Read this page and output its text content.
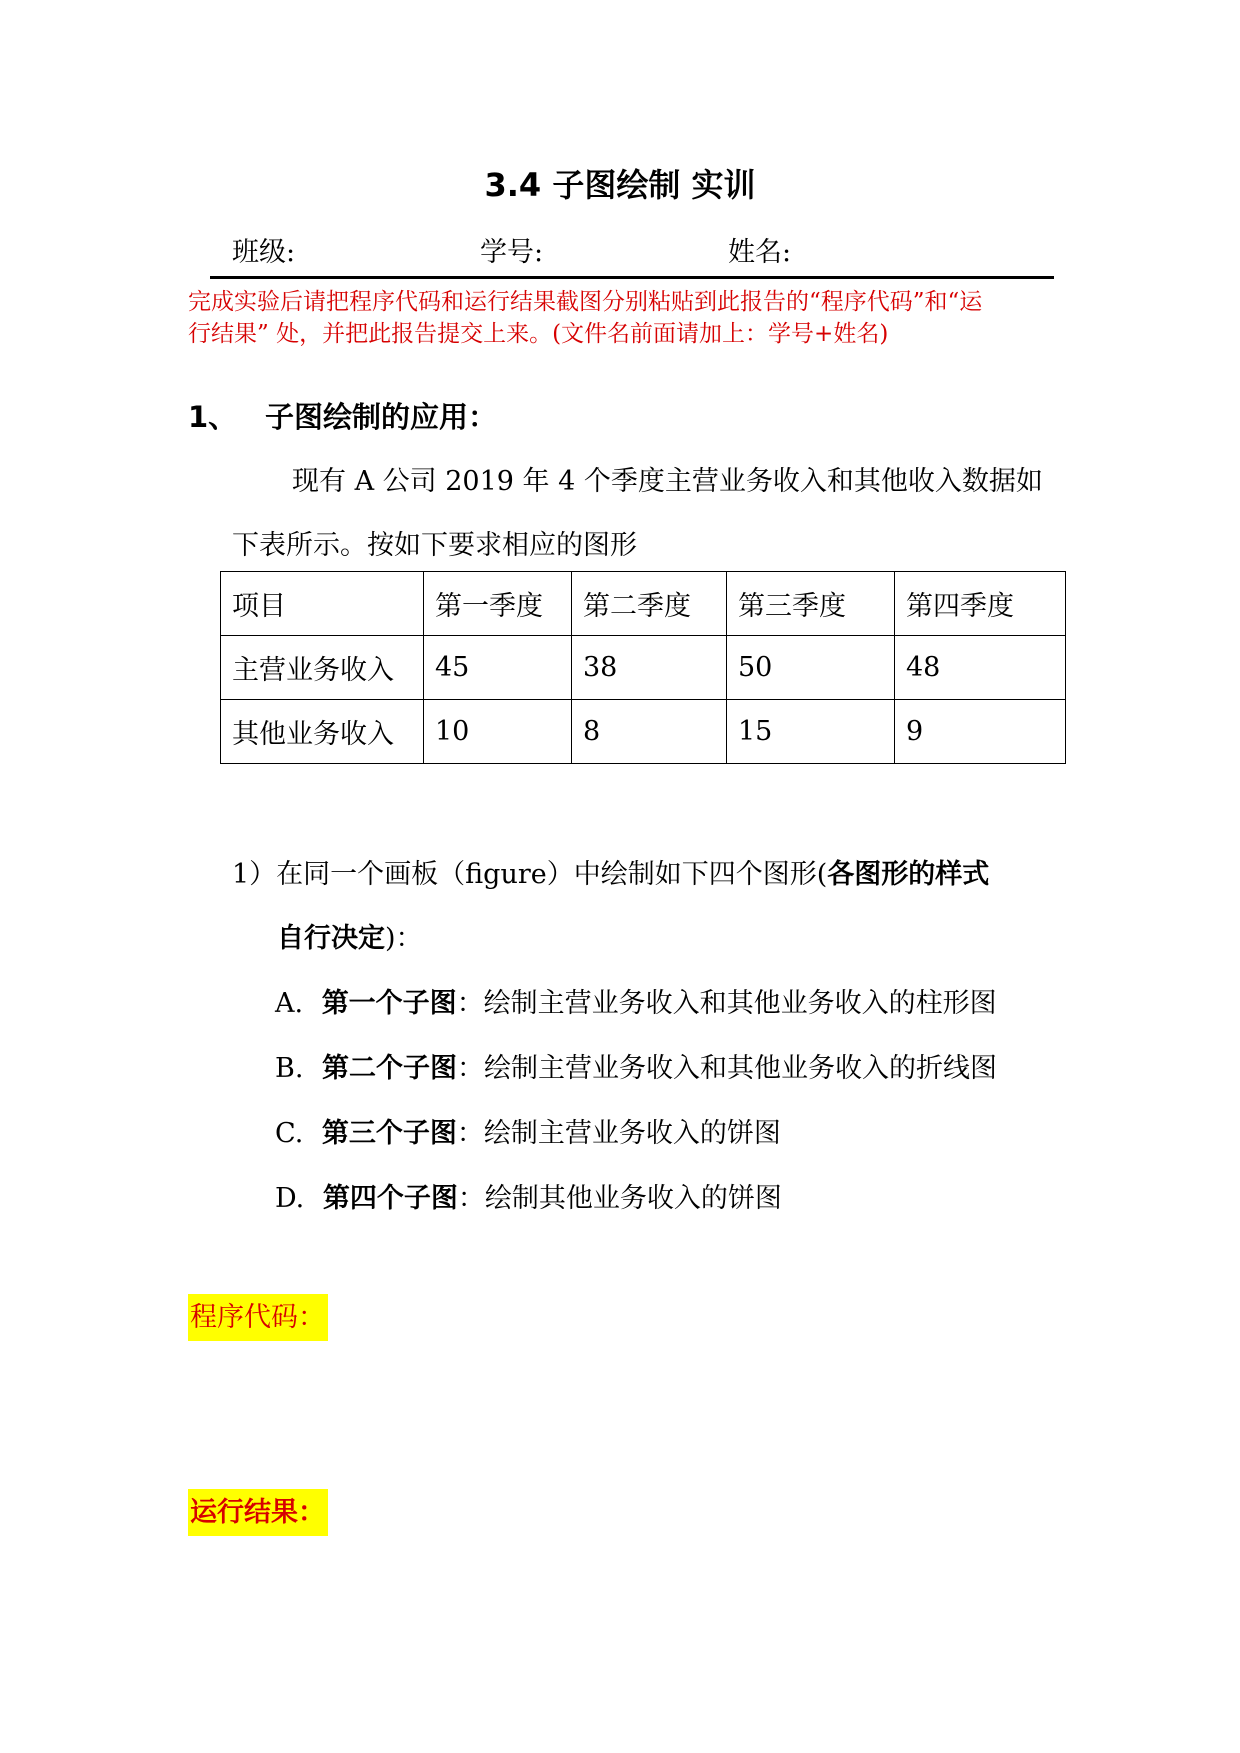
3.4 子图绘制 实训
班级:	学号:	姓名:
完成实验后请把程序代码和运行结果截图分别粘贴到此报告的“程序代码”和“运
行结果” 处，并把此报告提交上来。(文件名前面请加上：学号+姓名)
1、 子图绘制的应用：
现有 A 公司 2019 年 4 个季度主营业务收入和其他收入数据如
下表所示。按如下要求相应的图形
项目	第一季度	第二季度	第三季度	第四季度
主营业务收入	45	38	50	48
其他业务收入	10	8	15	9
1）在同一个画板（figure）中绘制如下四个图形(各图形的样式
自行决定)：
A. 第一个子图：绘制主营业务收入和其他业务收入的柱形图
B. 第二个子图：绘制主营业务收入和其他业务收入的折线图
C. 第三个子图：绘制主营业务收入的饼图
D. 第四个子图：绘制其他业务收入的饼图
程序代码：
运行结果：
